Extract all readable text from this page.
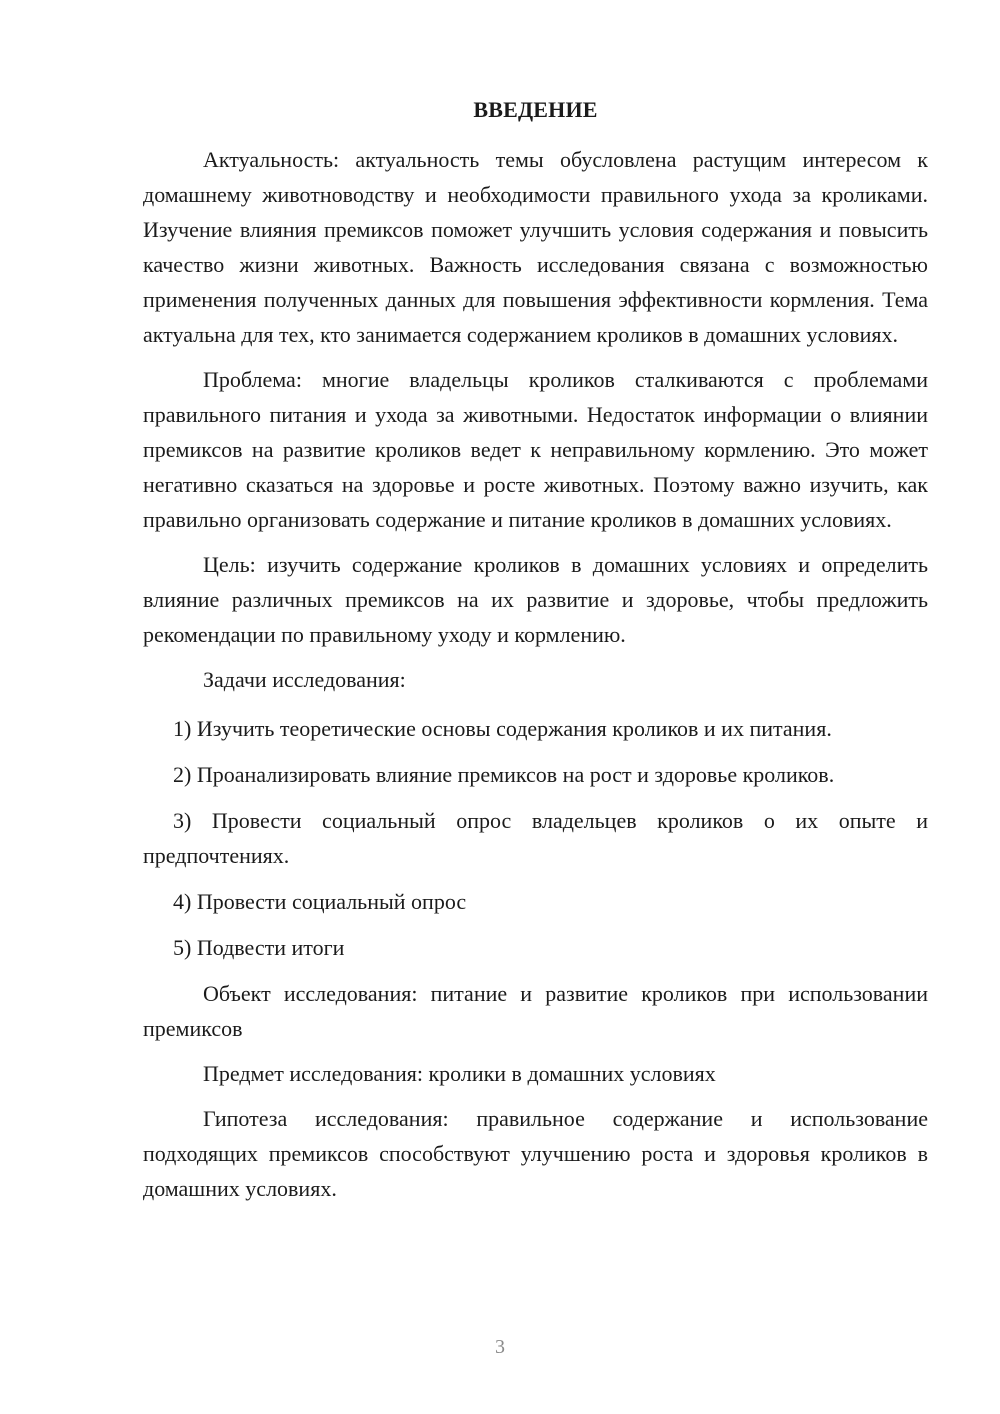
ВВЕДЕНИЕ

Актуальность: актуальность темы обусловлена растущим интересом к домашнему животноводству и необходимости правильного ухода за кроликами. Изучение влияния премиксов поможет улучшить условия содержания и повысить качество жизни животных. Важность исследования связана с возможностью применения полученных данных для повышения эффективности кормления. Тема актуальна для тех, кто занимается содержанием кроликов в домашних условиях.

Проблема: многие владельцы кроликов сталкиваются с проблемами правильного питания и ухода за животными. Недостаток информации о влиянии премиксов на развитие кроликов ведет к неправильному кормлению. Это может негативно сказаться на здоровье и росте животных. Поэтому важно изучить, как правильно организовать содержание и питание кроликов в домашних условиях.

Цель: изучить содержание кроликов в домашних условиях и определить влияние различных премиксов на их развитие и здоровье, чтобы предложить рекомендации по правильному уходу и кормлению.

Задачи исследования:

1) Изучить теоретические основы содержания кроликов и их питания.

2) Проанализировать влияние премиксов на рост и здоровье кроликов.

3) Провести социальный опрос владельцев кроликов о их опыте и предпочтениях.

4) Провести социальный опрос

5) Подвести итоги

Объект исследования: питание и развитие кроликов при использовании премиксов

Предмет исследования: кролики в домашних условиях

Гипотеза исследования: правильное содержание и использование подходящих премиксов способствуют улучшению роста и здоровья кроликов в домашних условиях.

3
